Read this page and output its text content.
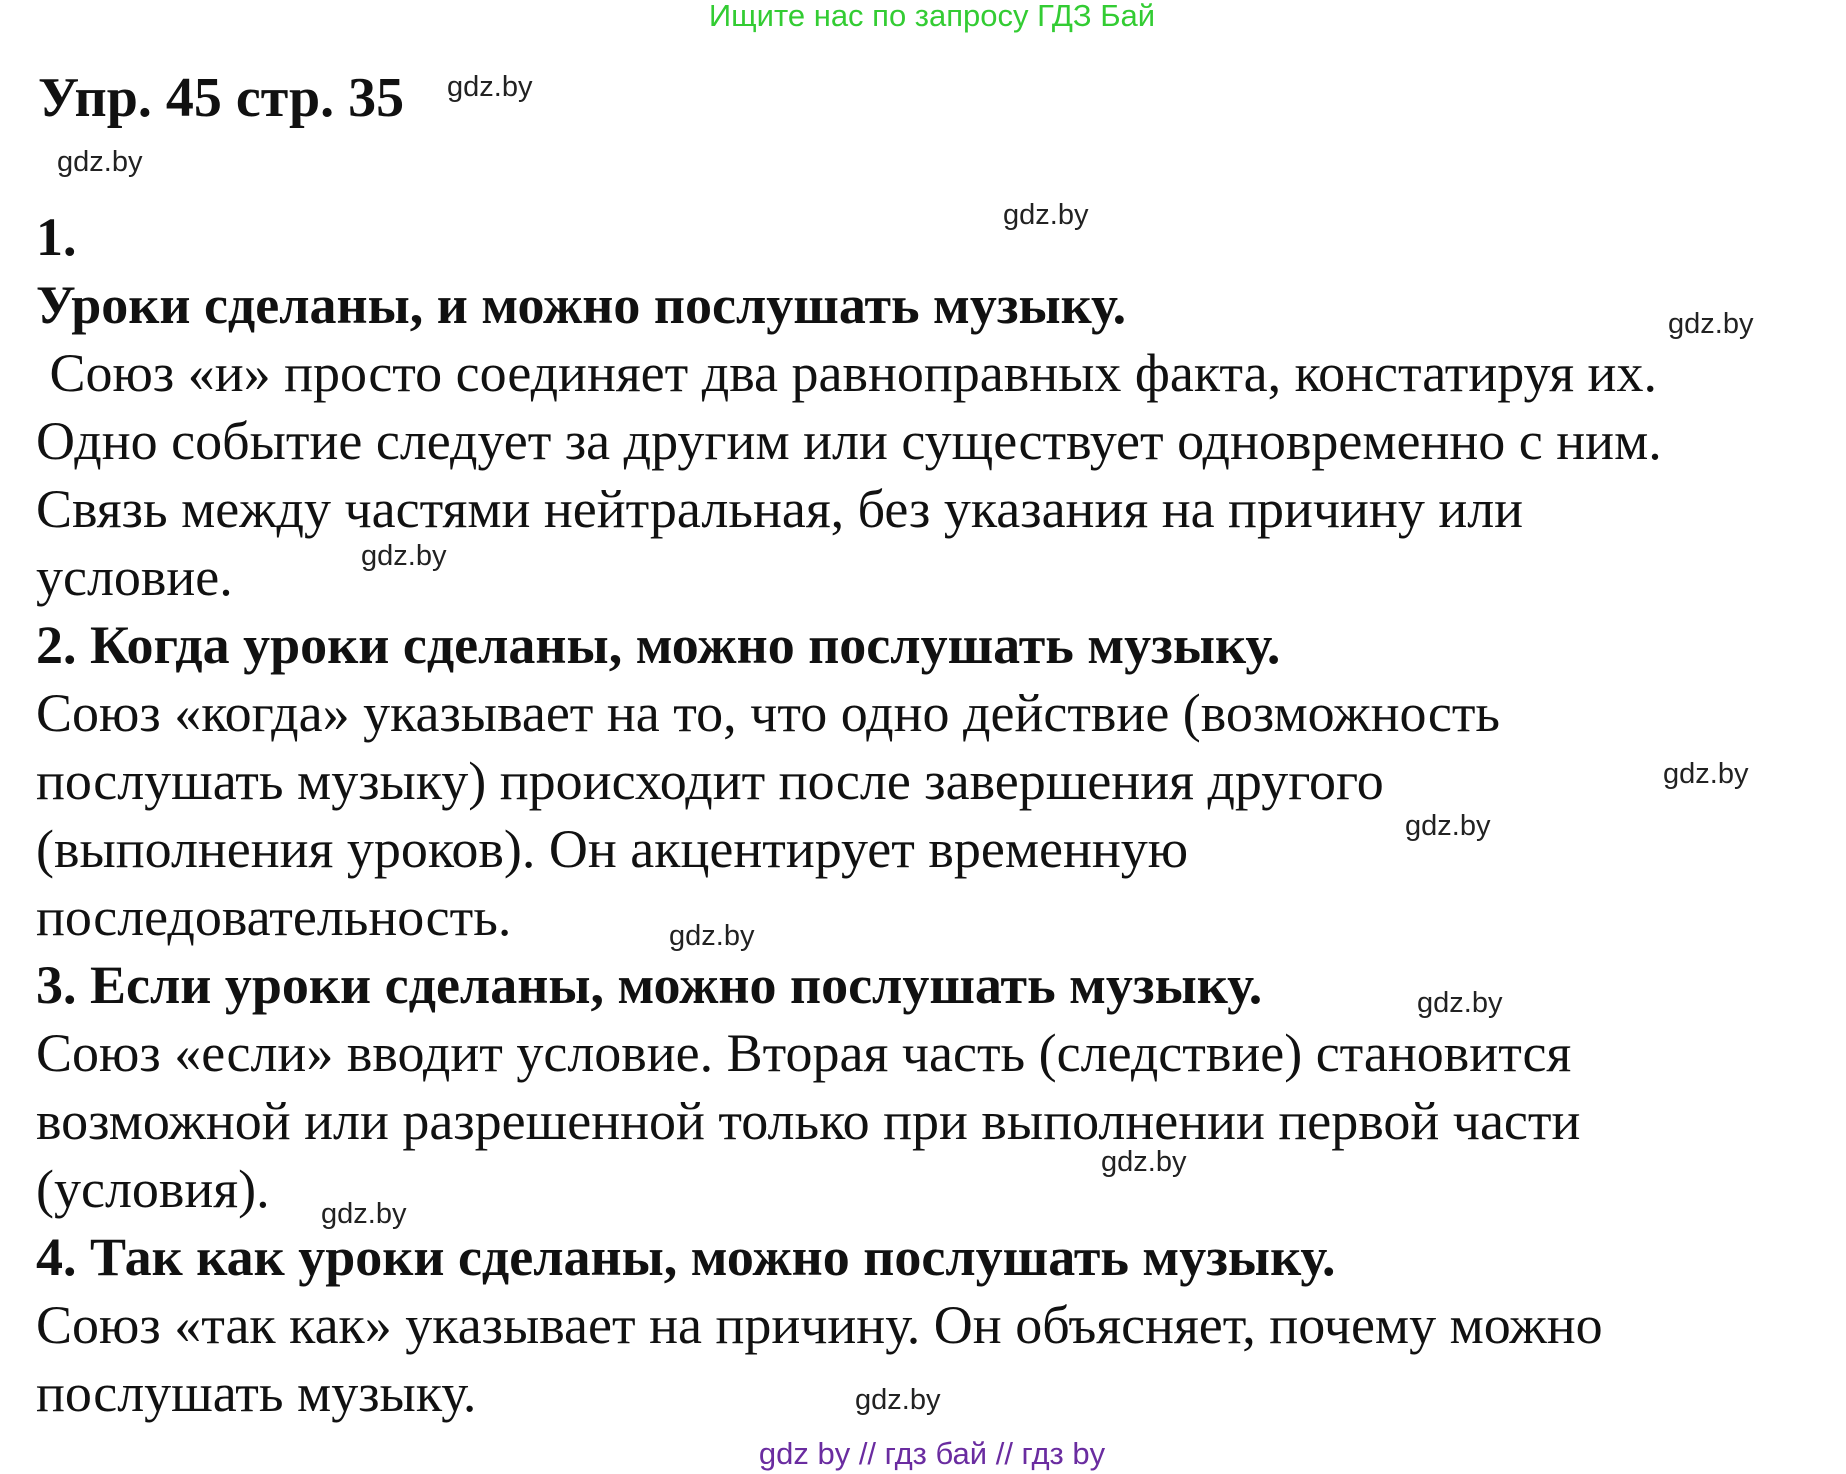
Ищите нас по запросу ГДЗ Бай
Упр. 45 стр. 35
1.
Уроки сделаны, и можно послушать музыку.
Союз «и» просто соединяет два равноправных факта, констатируя их.
Одно событие следует за другим или существует одновременно с ним.
Связь между частями нейтральная, без указания на причину или
условие.
2. Когда уроки сделаны, можно послушать музыку.
Союз «когда» указывает на то, что одно действие (возможность
послушать музыку) происходит после завершения другого
(выполнения уроков). Он акцентирует временную
последовательность.
3. Если уроки сделаны, можно послушать музыку.
Союз «если» вводит условие. Вторая часть (следствие) становится
возможной или разрешенной только при выполнении первой части
(условия).
4. Так как уроки сделаны, можно послушать музыку.
Союз «так как» указывает на причину. Он объясняет, почему можно
послушать музыку.
gdz.by
gdz.by
gdz.by
gdz.by
gdz.by
gdz.by
gdz.by
gdz.by
gdz.by
gdz.by
gdz.by
gdz.by
gdz by // гдз бай // гдз by
